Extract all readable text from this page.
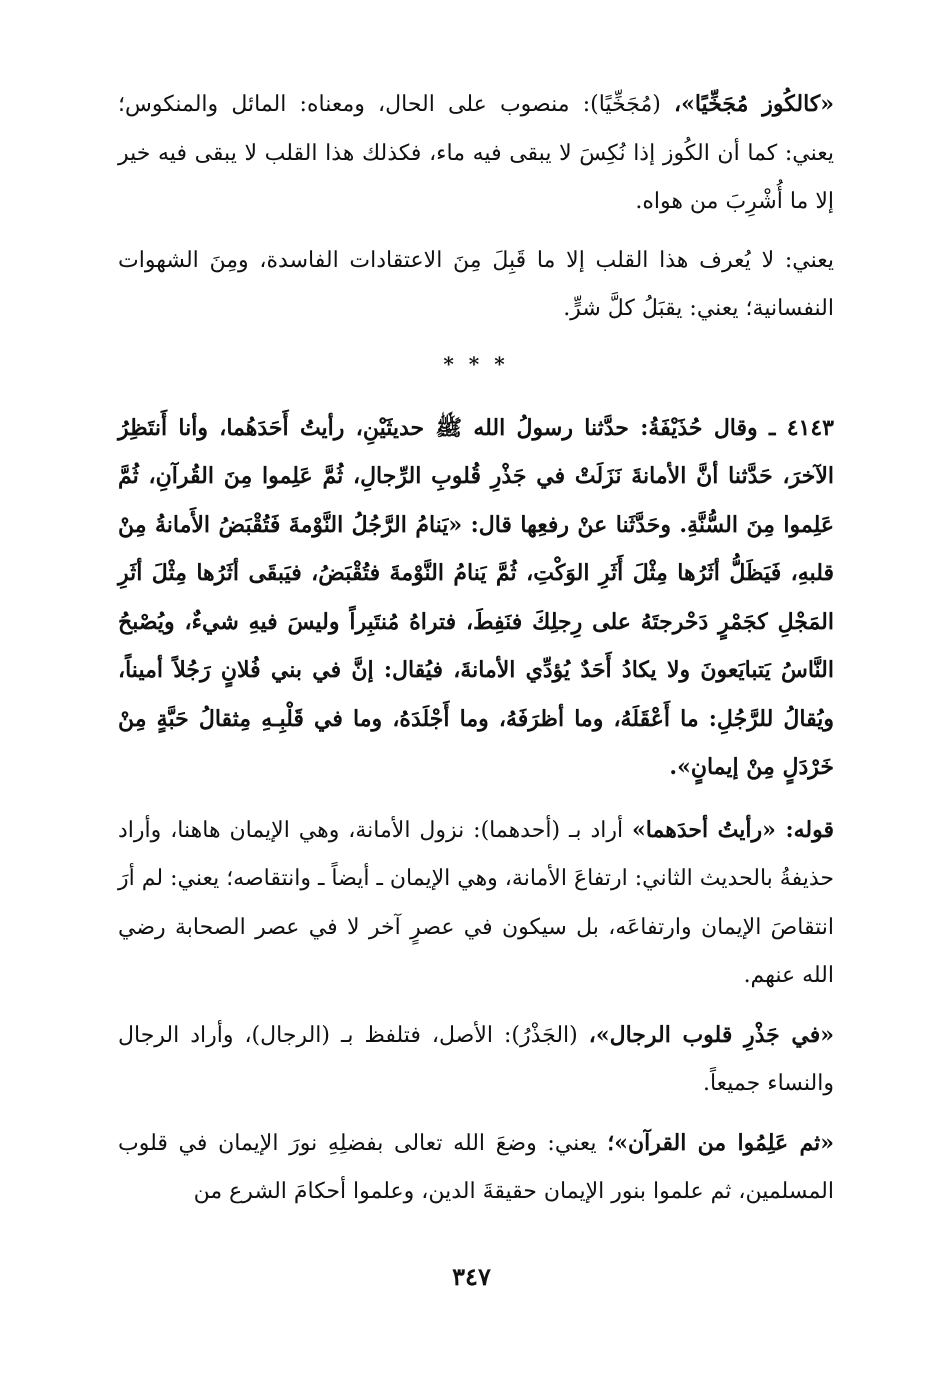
«كالكُوز مُجَخِّيًا»، (مُجَخِّيًا): منصوب على الحال، ومعناه: المائل والمنكوس؛ يعني: كما أن الكُوز إذا نُكِسَ لا يبقى فيه ماء، فكذلك هذا القلب لا يبقى فيه خير إلا ما أُشْرِبَ من هواه.

يعني: لا يُعرف هذا القلب إلا ما قَبِلَ مِنَ الاعتقادات الفاسدة، ومِنَ الشهوات النفسانية؛ يعني: يقبَلُ كلَّ شرٍّ.

* * *

٤١٤٣ ـ وقال حُذَيْفَةُ: حدَّثنا رسولُ الله ﷺ حديثَيْنِ، رأيتُ أَحَدَهُما، وأنا أَنتَظِرُ الآخرَ، حَدَّثنا أنَّ الأمانةَ نَزَلَتْ في جَذْرِ قُلوبِ الرِّجالِ، ثُمَّ عَلِموا مِنَ القُرآنِ، ثُمَّ عَلِموا مِنَ السُّنَّةِ. وحَدَّثَنا عنْ رفعِها قال: «يَنامُ الرَّجُلُ النَّوْمةَ فَتُقْبَضُ الأَمانةُ مِنْ قلبهِ، فَيَظَلُّ أثَرُها مِثْلَ أَثَرِ الوَكْتِ، ثُمَّ يَنامُ النَّوْمةَ فتُقْبَضُ، فيَبقَى أثَرُها مِثْلَ أثَرِ المَجْلِ كجَمْرٍ دَحْرجتَهُ على رِجلِكَ فنَفِطَ، فتراهُ مُنتَبِراً وليسَ فيهِ شيءٌ، ويُصْبحُ النَّاسُ يَتبايَعونَ ولا يكادُ أَحَدٌ يُؤدِّي الأمانةَ، فيُقال: إنَّ في بني فُلانٍ رَجُلاً أميناً، ويُقالُ للرَّجُلِ: ما أَعْقَلَهُ، وما أظرَفَهُ، وما أَجْلَدَهُ، وما في قَلْبِـهِ مِثقالُ حَبَّةٍ مِنْ خَرْدَلٍ مِنْ إيمانٍ».

قوله: «رأيتُ أحدَهما» أراد بـ (أحدهما): نزول الأمانة، وهي الإيمان هاهنا، وأراد حذيفةُ بالحديث الثاني: ارتفاعَ الأمانة، وهي الإيمان ـ أيضاً ـ وانتقاصه؛ يعني: لم أرَ انتقاصَ الإيمان وارتفاعَه، بل سيكون في عصرٍ آخر لا في عصر الصحابة رضي الله عنهم.

«في جَذْرِ قلوب الرجال»، (الجَذْرُ): الأصل، فتلفظ بـ (الرجال)، وأراد الرجال والنساء جميعاً.

«ثم عَلِمُوا من القرآن»؛ يعني: وضعَ الله تعالى بفضلِهِ نورَ الإيمان في قلوب المسلمين، ثم علموا بنور الإيمان حقيقةَ الدين، وعلموا أحكامَ الشرع من

٣٤٧
